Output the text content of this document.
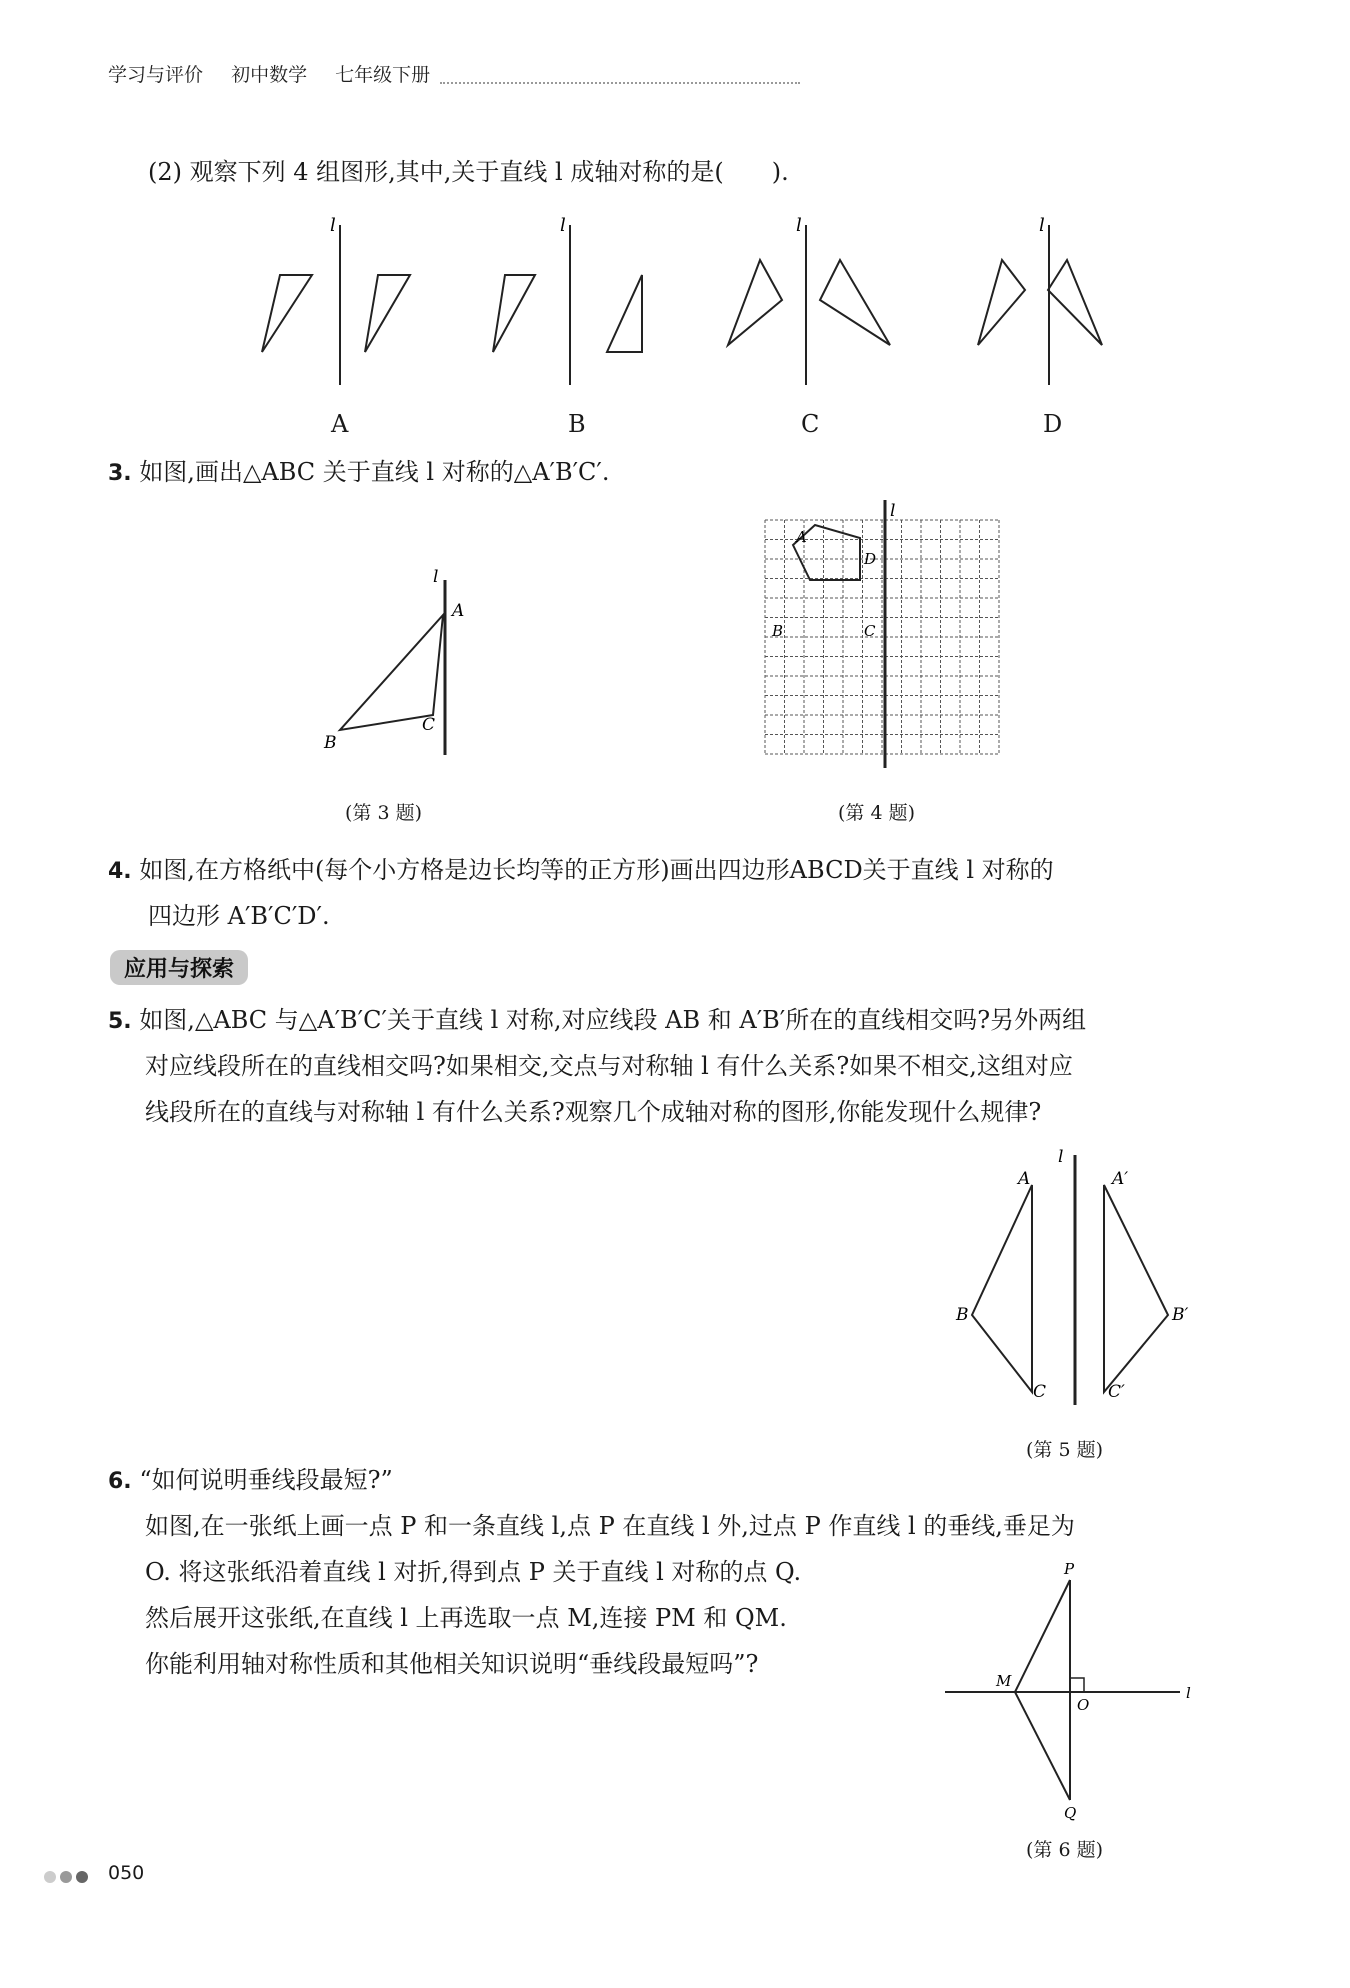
学习与评价 初中数学 七年级下册
(2) 观察下列 4 组图形,其中,关于直线 l 成轴对称的是(　　).
l	l	l	l
A	B	C	D
3. 如图,画出△ABC 关于直线 l 对称的△A′B′C′.
l
A
B
C
(第 3 题)
l
A
D
B	C
(第 4 题)
4. 如图,在方格纸中(每个小方格是边长均等的正方形)画出四边形ABCD关于直线 l 对称的
四边形 A′B′C′D′.
应用与探索
5. 如图,△ABC 与△A′B′C′关于直线 l 对称,对应线段 AB 和 A′B′所在的直线相交吗?另外两组
对应线段所在的直线相交吗?如果相交,交点与对称轴 l 有什么关系?如果不相交,这组对应
线段所在的直线与对称轴 l 有什么关系?观察几个成轴对称的图形,你能发现什么规律?
l
A
B
C
A′
B′
C′
(第 5 题)
6. “如何说明垂线段最短?”
如图,在一张纸上画一点 P 和一条直线 l,点 P 在直线 l 外,过点 P 作直线 l 的垂线,垂足为
O. 将这张纸沿着直线 l 对折,得到点 P 关于直线 l 对称的点 Q.
然后展开这张纸,在直线 l 上再选取一点 M,连接 PM 和 QM.
你能利用轴对称性质和其他相关知识说明“垂线段最短吗”?
P
M
O
l
Q
(第 6 题)
050
